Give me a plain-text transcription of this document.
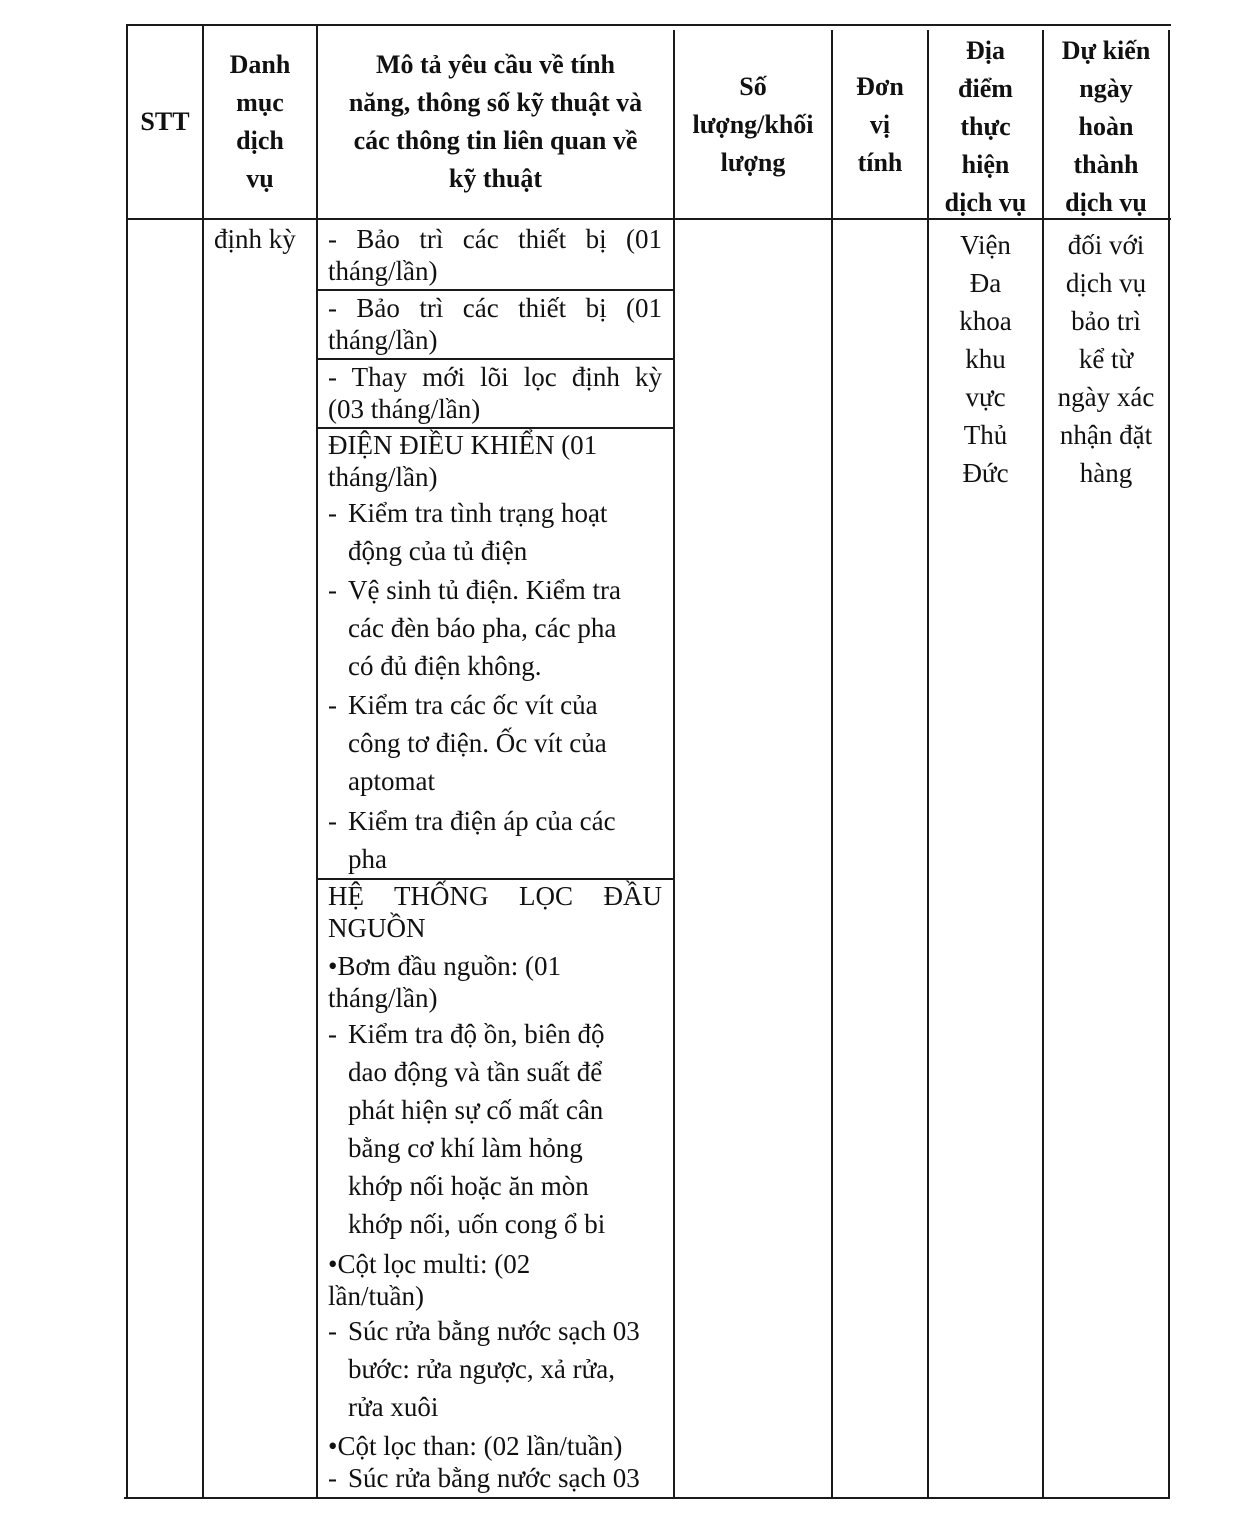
STT
Danh
mục
dịch
vụ
Mô tả yêu cầu về tính
năng, thông số kỹ thuật và
các thông tin liên quan về
kỹ thuật
Số
lượng/khối
lượng
Đơn
vị
tính
Địa
điểm
thực
hiện
dịch vụ
Dự kiến
ngày
hoàn
thành
dịch vụ
định kỳ	Viện
Đa
khoa
khu
vực
Thủ
Đức
đối với
dịch vụ
bảo trì
kể từ
ngày xác
nhận đặt
hàng
- Bảo trì các thiết bị (01
tháng/lần)
- Bảo trì các thiết bị (01
tháng/lần)
- Thay mới lõi lọc định kỳ
(03 tháng/lần)
ĐIỆN ĐIỀU KHIỂN (01
tháng/lần)
- Kiểm tra tình trạng hoạt
động của tủ điện
- Vệ sinh tủ điện. Kiểm tra
các đèn báo pha, các pha
có đủ điện không.
- Kiểm tra các ốc vít của
công tơ điện. Ốc vít của
aptomat
- Kiểm tra điện áp của các
pha
HỆ THỐNG LỌC ĐẦU
NGUỒN
•Bơm đầu nguồn: (01
tháng/lần)
- Kiểm tra độ ồn, biên độ
dao động và tần suất để
phát hiện sự cố mất cân
bằng cơ khí làm hỏng
khớp nối hoặc ăn mòn
khớp nối, uốn cong ổ bi
•Cột lọc multi: (02
lần/tuần)
- Súc rửa bằng nước sạch 03
bước: rửa ngược, xả rửa,
rửa xuôi
•Cột lọc than: (02 lần/tuần)
- Súc rửa bằng nước sạch 03
